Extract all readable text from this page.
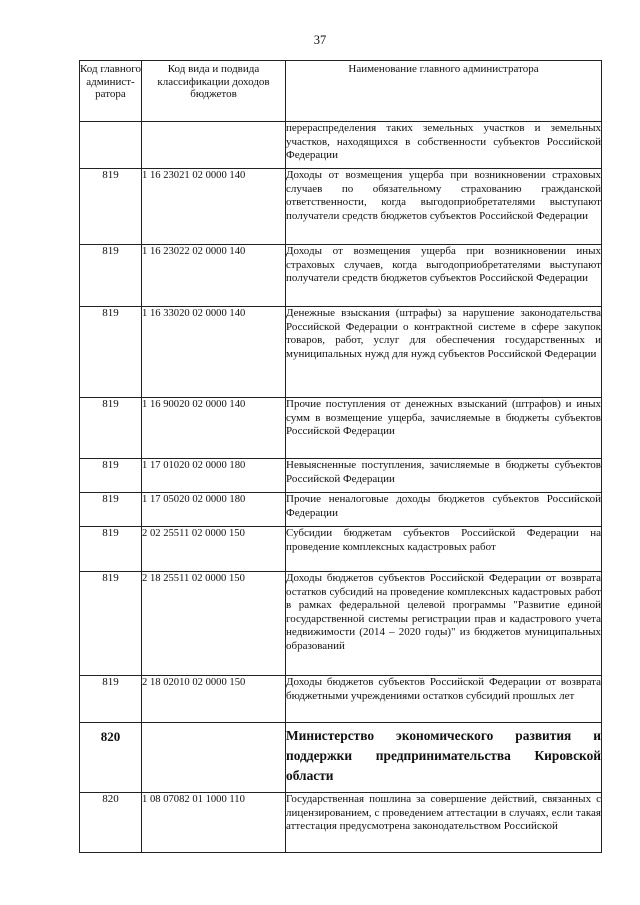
37
Код главного админист-ратора	Код вида и подвида классификации доходов бюджетов	Наименование главного администратора
		перераспределения таких земельных участков и земельных участков, находящихся в собственности субъектов Российской Федерации
819	1 16 23021 02 0000 140	Доходы от возмещения ущерба при возникновении страховых случаев по обязательному страхованию гражданской ответственности, когда выгодоприобретателями выступают получатели средств бюджетов субъектов Российской Федерации
819	1 16 23022 02 0000 140	Доходы от возмещения ущерба при возникновении иных страховых случаев, когда выгодоприобретателями выступают получатели средств бюджетов субъектов Российской Федерации
819	1 16 33020 02 0000 140	Денежные взыскания (штрафы) за нарушение законодательства Российской Федерации о контрактной системе в сфере закупок товаров, работ, услуг для обеспечения государственных и муниципальных нужд для нужд субъектов Российской Федерации
819	1 16 90020 02 0000 140	Прочие поступления от денежных взысканий (штрафов) и иных сумм в возмещение ущерба, зачисляемые в бюджеты субъектов Российской Федерации
819	1 17 01020 02 0000 180	Невыясненные поступления, зачисляемые в бюджеты субъектов Российской Федерации
819	1 17 05020 02 0000 180	Прочие неналоговые доходы бюджетов субъектов Российской Федерации
819	2 02 25511 02 0000 150	Субсидии бюджетам субъектов Российской Федерации на проведение комплексных кадастровых работ
819	2 18 25511 02 0000 150	Доходы бюджетов субъектов Российской Федерации от возврата остатков субсидий на проведение комплексных кадастровых работ в рамках федеральной целевой программы "Развитие единой государственной системы регистрации прав и кадастрового учета недвижимости (2014 – 2020 годы)" из бюджетов муниципальных образований
819	2 18 02010 02 0000 150	Доходы бюджетов субъектов Российской Федерации от возврата бюджетными учреждениями остатков субсидий прошлых лет
820		Министерство экономического развития и поддержки предпринимательства Кировской области
820	1 08 07082 01 1000 110	Государственная пошлина за совершение действий, связанных с лицензированием, с проведением аттестации в случаях, если такая аттестация предусмотрена законодательством Российской
